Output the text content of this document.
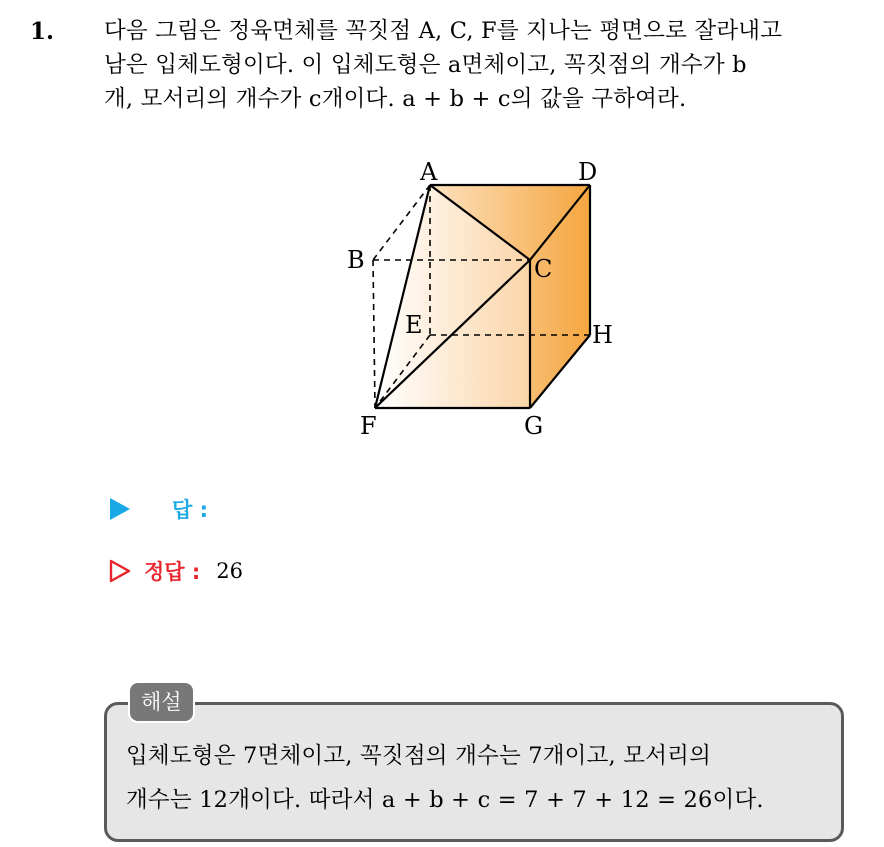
1. 다음 그림은 정육면체를 꼭짓점 A, C, F를 지나는 평면으로 잘라내고
남은 입체도형이다. 이 입체도형은 a면체이고, 꼭짓점의 개수가 b
개, 모서리의 개수가 c개이다. a + b + c의 값을 구하여라.
A	D
B	C
E	H
F	G
답 :
정답 : 26
해설
입체도형은 7면체이고, 꼭짓점의 개수는 7개이고, 모서리의
개수는 12개이다. 따라서 a + b + c = 7 + 7 + 12 = 26이다.
